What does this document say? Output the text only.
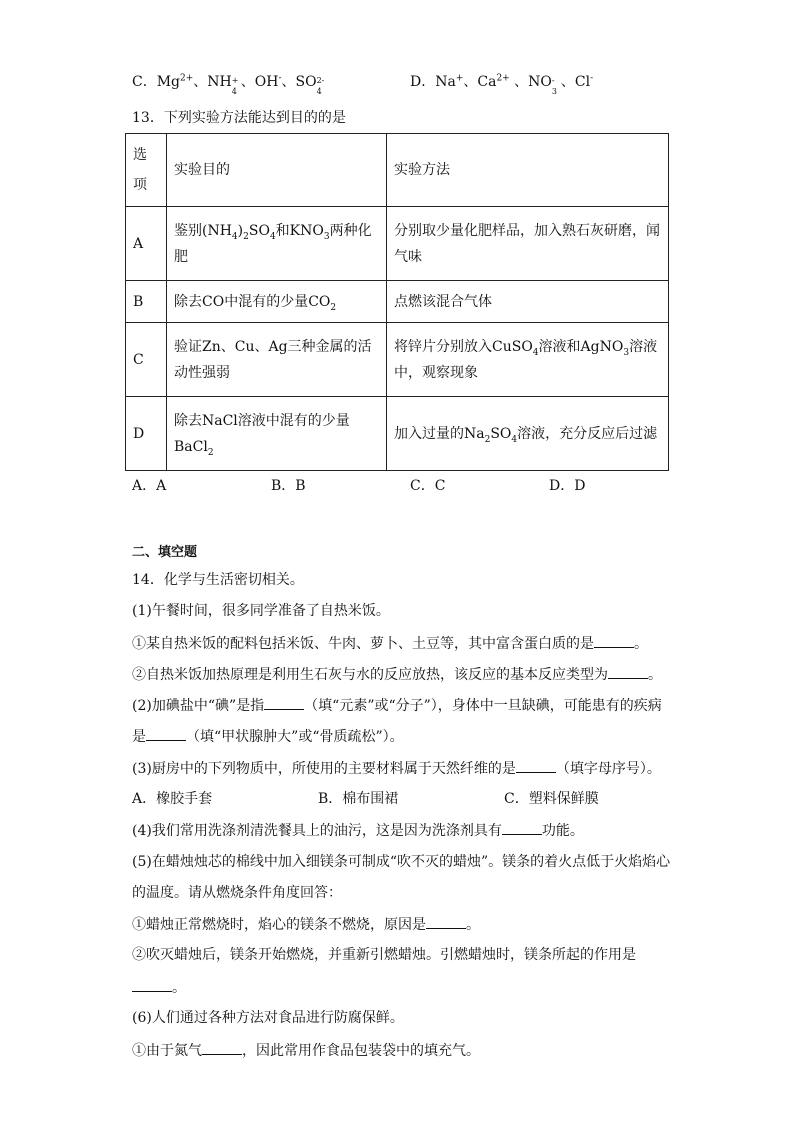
C．$Mg^{2+}$、NH +
4
、OH-、SO 2-
4
D．Na+、$Ca^{2+}$ 、NO -
3
、Cl-
13．下列实验方法能达到目的的是
选
项	实验目的	实验方法
A	鉴别$(NH_4)_2SO_4$和$KNO_3$两种化肥	分别取少量化肥样品，加入熟石灰研磨，闻气味
B	除去CO中混有的少量$CO_2$	点燃该混合气体
C	验证Zn、Cu、Ag三种金属的活动性强弱	将锌片分别放入CuSO$_4$溶液和AgNO$_3$溶液中，观察现象
D	除去NaCl溶液中混有的少量BaCl$_2$	加入过量的$Na_2SO_4$溶液，充分反应后过滤
A．A	B．B	C．C	D．D
二、填空题
14．化学与生活密切相关。
(1)午餐时间，很多同学准备了自热米饭。
①某自热米饭的配料包括米饭、牛肉、萝卜、土豆等，其中富含蛋白质的是	。
②自热米饭加热原理是利用生石灰与水的反应放热，该反应的基本反应类型为	。
(2)加碘盐中“碘”是指	（填“元素”或“分子”），身体中一旦缺碘，可能患有的疾病
是	（填“甲状腺肿大”或“骨质疏松”）。
(3)厨房中的下列物质中，所使用的主要材料属于天然纤维的是	（填字母序号）。
A．橡胶手套	B．棉布围裙	C．塑料保鲜膜
(4)我们常用洗涤剂清洗餐具上的油污，这是因为洗涤剂具有	功能。
(5)在蜡烛烛芯的棉线中加入细镁条可制成“吹不灭的蜡烛”。镁条的着火点低于火焰焰心
的温度。请从燃烧条件角度回答：
①蜡烛正常燃烧时，焰心的镁条不燃烧，原因是	。
②吹灭蜡烛后，镁条开始燃烧，并重新引燃蜡烛。引燃蜡烛时，镁条所起的作用是
。
(6)人们通过各种方法对食品进行防腐保鲜。
①由于氮气	，因此常用作食品包装袋中的填充气。
